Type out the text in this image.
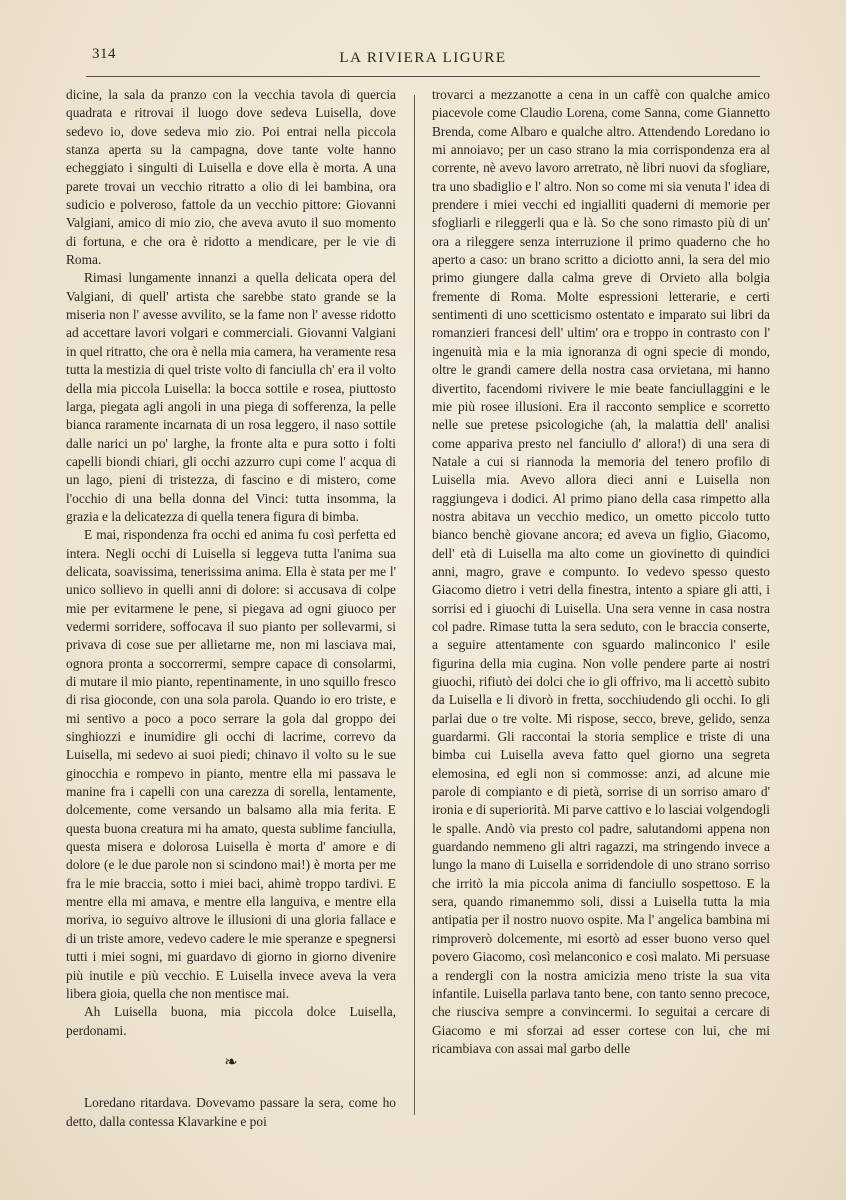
314	LA RIVIERA LIGURE

dicine, la sala da pranzo con la vecchia tavola di quercia quadrata e ritrovai il luogo dove sedeva Luisella, dove sedevo io, dove sedeva mio zio. Poi entrai nella piccola stanza aperta su la campagna, dove tante volte hanno echeggiato i singulti di Luisella e dove ella è morta. A una parete trovai un vecchio ritratto a olio di lei bambina, ora sudicio e polveroso, fattole da un vecchio pittore: Giovanni Valgiani, amico di mio zio, che aveva avuto il suo momento di fortuna, e che ora è ridotto a mendicare, per le vie di Roma.

Rimasi lungamente innanzi a quella delicata opera del Valgiani, di quell' artista che sarebbe stato grande se la miseria non l' avesse avvilito, se la fame non l' avesse ridotto ad accettare lavori volgari e commerciali. Giovanni Valgiani in quel ritratto, che ora è nella mia camera, ha veramente resa tutta la mestizia di quel triste volto di fanciulla ch' era il volto della mia piccola Luisella: la bocca sottile e rosea, piuttosto larga, piegata agli angoli in una piega di sofferenza, la pelle bianca raramente incarnata di un rosa leggero, il naso sottile dalle narici un po' larghe, la fronte alta e pura sotto i folti capelli biondi chiari, gli occhi azzurro cupi come l' acqua di un lago, pieni di tristezza, di fascino e di mistero, come l'occhio di una bella donna del Vinci: tutta insomma, la grazia e la delicatezza di quella tenera figura di bimba.

E mai, rispondenza fra occhi ed anima fu così perfetta ed intera. Negli occhi di Luisella si leggeva tutta l'anima sua delicata, soavissima, tenerissima anima. Ella è stata per me l' unico sollievo in quelli anni di dolore: si accusava di colpe mie per evitarmene le pene, si piegava ad ogni giuoco per vedermi sorridere, soffocava il suo pianto per sollevarmi, si privava di cose sue per allietarne me, non mi lasciava mai, ognora pronta a soccorrermi, sempre capace di consolarmi, di mutare il mio pianto, repentinamente, in uno squillo fresco di risa gioconde, con una sola parola. Quando io ero triste, e mi sentivo a poco a poco serrare la gola dal groppo dei singhiozzi e inumidire gli occhi di lacrime, correvo da Luisella, mi sedevo ai suoi piedi; chinavo il volto su le sue ginocchia e rompevo in pianto, mentre ella mi passava le manine fra i capelli con una carezza di sorella, lentamente, dolcemente, come versando un balsamo alla mia ferita. E questa buona creatura mi ha amato, questa sublime fanciulla, questa misera e dolorosa Luisella è morta d' amore e di dolore (e le due parole non si scindono mai!) è morta per me fra le mie braccia, sotto i miei baci, ahimè troppo tardivi. E mentre ella mi amava, e mentre ella languiva, e mentre ella moriva, io seguivo altrove le illusioni di una gloria fallace e di un triste amore, vedevo cadere le mie speranze e spegnersi tutti i miei sogni, mi guardavo di giorno in giorno divenire più inutile e più vecchio. E Luisella invece aveva la vera libera gioia, quella che non mentisce mai.

Ah Luisella buona, mia piccola dolce Luisella, perdonami.

❧

Loredano ritardava. Dovevamo passare la sera, come ho detto, dalla contessa Klavarkine e poi

trovarci a mezzanotte a cena in un caffè con qualche amico piacevole come Claudio Lorena, come Sanna, come Giannetto Brenda, come Albaro e qualche altro. Attendendo Loredano io mi annoiavo; per un caso strano la mia corrispondenza era al corrente, nè avevo lavoro arretrato, nè libri nuovi da sfogliare, tra uno sbadiglio e l' altro. Non so come mi sia venuta l' idea di prendere i miei vecchi ed ingialliti quaderni di memorie per sfogliarli e rileggerli qua e là. So che sono rimasto più di un' ora a rileggere senza interruzione il primo quaderno che ho aperto a caso: un brano scritto a diciotto anni, la sera del mio primo giungere dalla calma greve di Orvieto alla bolgia fremente di Roma. Molte espressioni letterarie, e certi sentimenti di uno scetticismo ostentato e imparato sui libri da romanzieri francesi dell' ultim' ora e troppo in contrasto con l' ingenuità mia e la mia ignoranza di ogni specie di mondo, oltre le grandi camere della nostra casa orvietana, mi hanno divertito, facendomi rivivere le mie beate fanciullaggini e le mie più rosee illusioni. Era il racconto semplice e scorretto nelle sue pretese psicologiche (ah, la malattia dell' analisi come appariva presto nel fanciullo d' allora!) di una sera di Natale a cui si riannoda la memoria del tenero profilo di Luisella mia. Avevo allora dieci anni e Luisella non raggiungeva i dodici. Al primo piano della casa rimpetto alla nostra abitava un vecchio medico, un ometto piccolo tutto bianco benchè giovane ancora; ed aveva un figlio, Giacomo, dell' età di Luisella ma alto come un giovinetto di quindici anni, magro, grave e compunto. Io vedevo spesso questo Giacomo dietro i vetri della finestra, intento a spiare gli atti, i sorrisi ed i giuochi di Luisella. Una sera venne in casa nostra col padre. Rimase tutta la sera seduto, con le braccia conserte, a seguire attentamente con sguardo malinconico l' esile figurina della mia cugina. Non volle pendere parte ai nostri giuochi, rifiutò dei dolci che io gli offrivo, ma li accettò subito da Luisella e li divorò in fretta, socchiudendo gli occhi. Io gli parlai due o tre volte. Mi rispose, secco, breve, gelido, senza guardarmi. Gli raccontai la storia semplice e triste di una bimba cui Luisella aveva fatto quel giorno una segreta elemosina, ed egli non si commosse: anzi, ad alcune mie parole di compianto e di pietà, sorrise di un sorriso amaro d' ironia e di superiorità. Mi parve cattivo e lo lasciai volgendogli le spalle. Andò via presto col padre, salutandomi appena non guardando nemmeno gli altri ragazzi, ma stringendo invece a lungo la mano di Luisella e sorridendole di uno strano sorriso che irritò la mia piccola anima di fanciullo sospettoso. E la sera, quando rimanemmo soli, dissi a Luisella tutta la mia antipatia per il nostro nuovo ospite. Ma l' angelica bambina mi rimproverò dolcemente, mi esortò ad esser buono verso quel povero Giacomo, così melanconico e così malato. Mi persuase a rendergli con la nostra amicizia meno triste la sua vita infantile. Luisella parlava tanto bene, con tanto senno precoce, che riusciva sempre a convincermi. Io seguitai a cercare di Giacomo e mi sforzai ad esser cortese con lui, che mi ricambiava con assai mal garbo delle
